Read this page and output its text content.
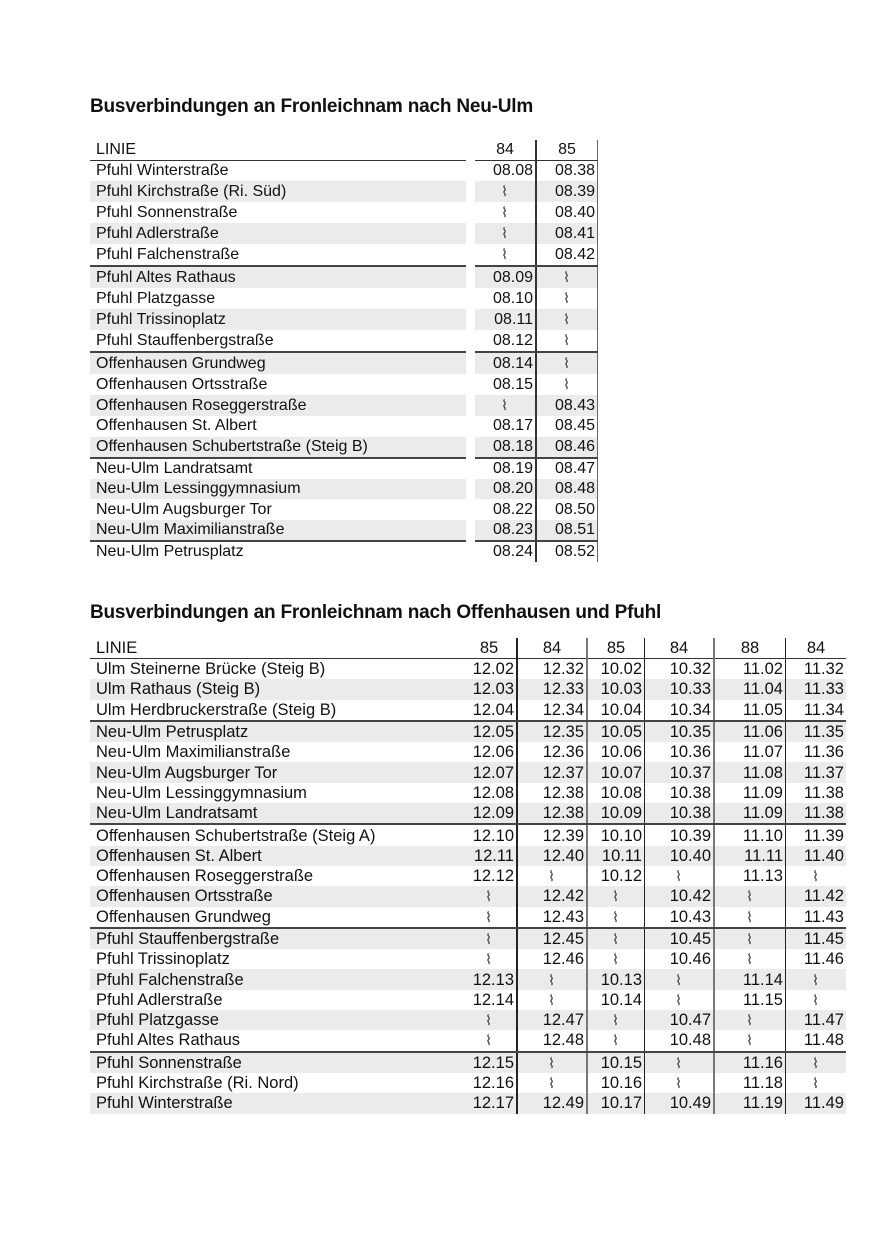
Busverbindungen an Fronleichnam nach Neu-Ulm
LINIE		84	85
Pfuhl Winterstraße		08.08	08.38
Pfuhl Kirchstraße (Ri. Süd)		⌇	08.39
Pfuhl Sonnenstraße		⌇	08.40
Pfuhl Adlerstraße		⌇	08.41
Pfuhl Falchenstraße		⌇	08.42
Pfuhl Altes Rathaus		08.09	⌇
Pfuhl Platzgasse		08.10	⌇
Pfuhl Trissinoplatz		08.11	⌇
Pfuhl Stauffenbergstraße		08.12	⌇
Offenhausen Grundweg		08.14	⌇
Offenhausen Ortsstraße		08.15	⌇
Offenhausen Roseggerstraße		⌇	08.43
Offenhausen St. Albert		08.17	08.45
Offenhausen Schubertstraße (Steig B)		08.18	08.46
Neu-Ulm Landratsamt		08.19	08.47
Neu-Ulm Lessinggymnasium		08.20	08.48
Neu-Ulm Augsburger Tor		08.22	08.50
Neu-Ulm Maximilianstraße		08.23	08.51
Neu-Ulm Petrusplatz		08.24	08.52
Busverbindungen an Fronleichnam nach Offenhausen und Pfuhl
LINIE		85	84	85	84	88	84
Ulm Steinerne Brücke (Steig B)		12.02	12.32	10.02	10.32	11.02	11.32
Ulm Rathaus (Steig B)		12.03	12.33	10.03	10.33	11.04	11.33
Ulm Herdbruckerstraße (Steig B)		12.04	12.34	10.04	10.34	11.05	11.34
Neu-Ulm Petrusplatz		12.05	12.35	10.05	10.35	11.06	11.35
Neu-Ulm Maximilianstraße		12.06	12.36	10.06	10.36	11.07	11.36
Neu-Ulm Augsburger Tor		12.07	12.37	10.07	10.37	11.08	11.37
Neu-Ulm Lessinggymnasium		12.08	12.38	10.08	10.38	11.09	11.38
Neu-Ulm Landratsamt		12.09	12.38	10.09	10.38	11.09	11.38
Offenhausen Schubertstraße (Steig A)		12.10	12.39	10.10	10.39	11.10	11.39
Offenhausen St. Albert		12.11	12.40	10.11	10.40	11.11	11.40
Offenhausen Roseggerstraße		12.12	⌇	10.12	⌇	11.13	⌇
Offenhausen Ortsstraße		⌇	12.42	⌇	10.42	⌇	11.42
Offenhausen Grundweg		⌇	12.43	⌇	10.43	⌇	11.43
Pfuhl Stauffenbergstraße		⌇	12.45	⌇	10.45	⌇	11.45
Pfuhl Trissinoplatz		⌇	12.46	⌇	10.46	⌇	11.46
Pfuhl Falchenstraße		12.13	⌇	10.13	⌇	11.14	⌇
Pfuhl Adlerstraße		12.14	⌇	10.14	⌇	11.15	⌇
Pfuhl Platzgasse		⌇	12.47	⌇	10.47	⌇	11.47
Pfuhl Altes Rathaus		⌇	12.48	⌇	10.48	⌇	11.48
Pfuhl Sonnenstraße		12.15	⌇	10.15	⌇	11.16	⌇
Pfuhl Kirchstraße (Ri. Nord)		12.16	⌇	10.16	⌇	11.18	⌇
Pfuhl Winterstraße		12.17	12.49	10.17	10.49	11.19	11.49
